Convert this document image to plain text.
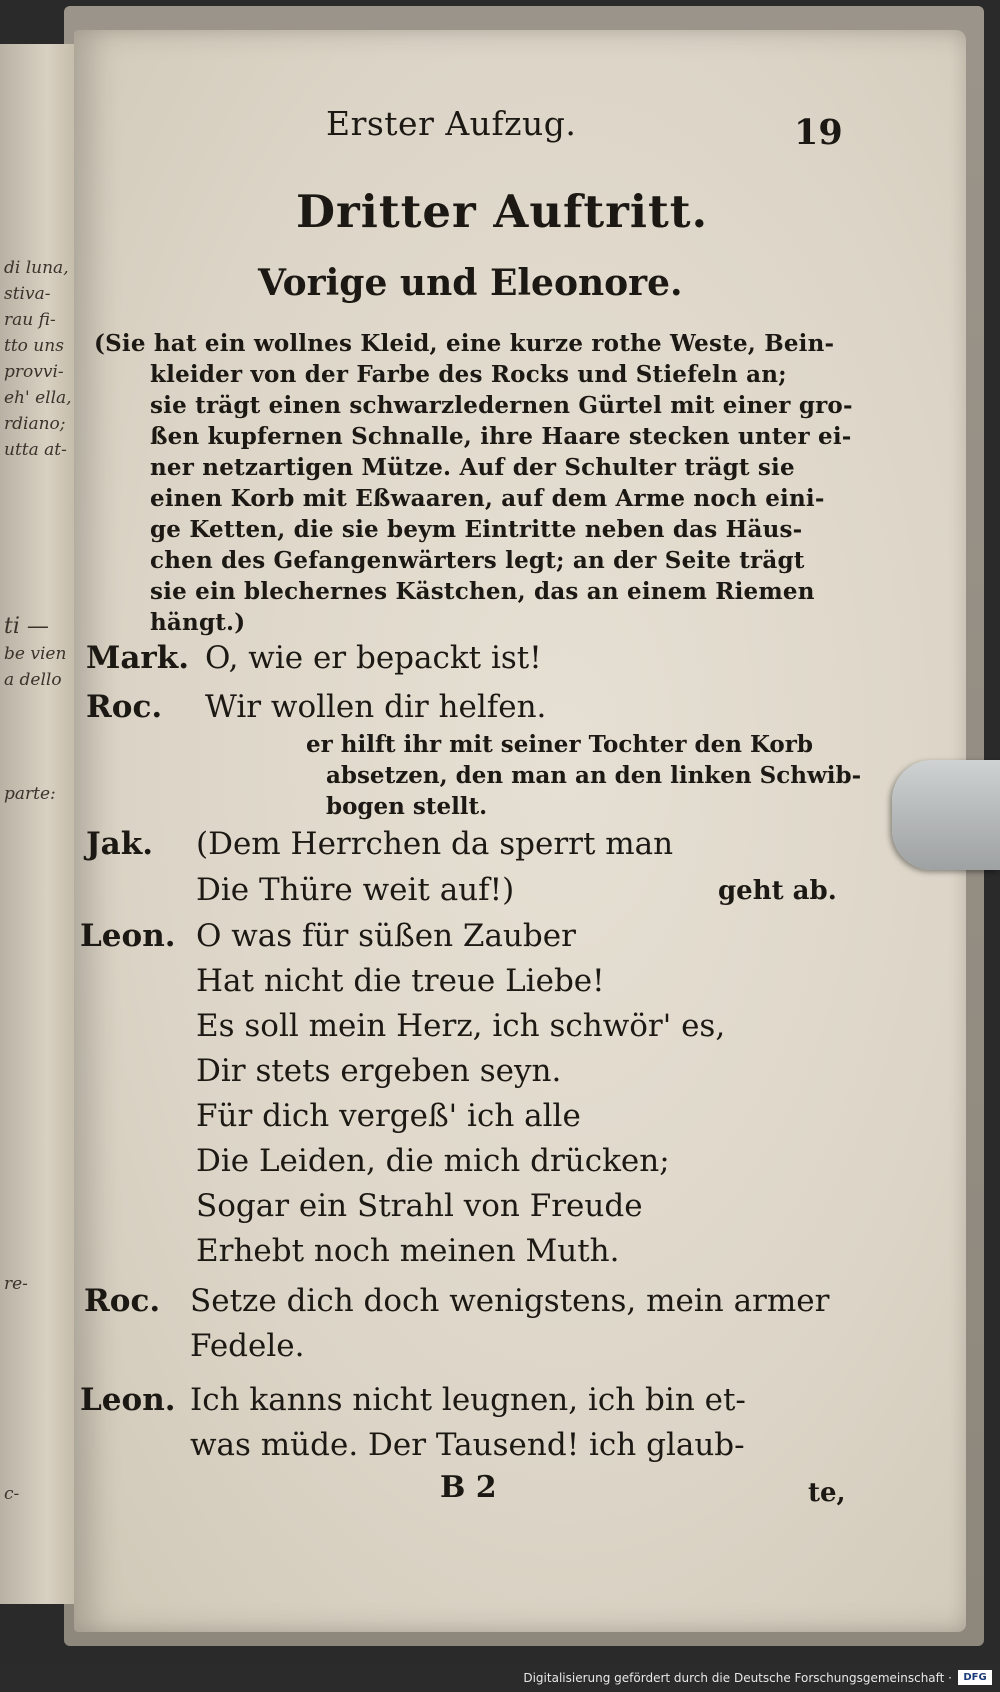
di luna,
stiva-
rau fi-
tto uns
provvi-
eh' ella,
rdiano;
utta at-
ti —
be vien
a dello
parte:
re-
c-
Erster Aufzug.	19
Dritter Auftritt.
Vorige und Eleonore.
(Sie hat ein wollnes Kleid, eine kurze rothe Weste, Bein-
kleider von der Farbe des Rocks und Stiefeln an;
sie trägt einen schwarzledernen Gürtel mit einer gro-
ßen kupfernen Schnalle, ihre Haare stecken unter ei-
ner netzartigen Mütze. Auf der Schulter trägt sie
einen Korb mit Eßwaaren, auf dem Arme noch eini-
ge Ketten, die sie beym Eintritte neben das Häus-
chen des Gefangenwärters legt; an der Seite trägt
sie ein blechernes Kästchen, das an einem Riemen
hängt.)
Mark. O, wie er bepackt ist!
Roc. Wir wollen dir helfen.
er hilft ihr mit seiner Tochter den Korb
absetzen, den man an den linken Schwib-
bogen stellt.
Jak. (Dem Herrchen da sperrt man
Die Thüre weit auf!)	geht ab.
Leon. O was für süßen Zauber
Hat nicht die treue Liebe!
Es soll mein Herz, ich schwör' es,
Dir stets ergeben seyn.
Für dich vergeß' ich alle
Die Leiden, die mich drücken;
Sogar ein Strahl von Freude
Erhebt noch meinen Muth.
Roc. Setze dich doch wenigstens, mein armer
Fedele.
Leon. Ich kanns nicht leugnen, ich bin et-
was müde. Der Tausend! ich glaub-
B 2	te,
Digitalisierung gefördert durch die Deutsche Forschungsgemeinschaft ·	DFG
